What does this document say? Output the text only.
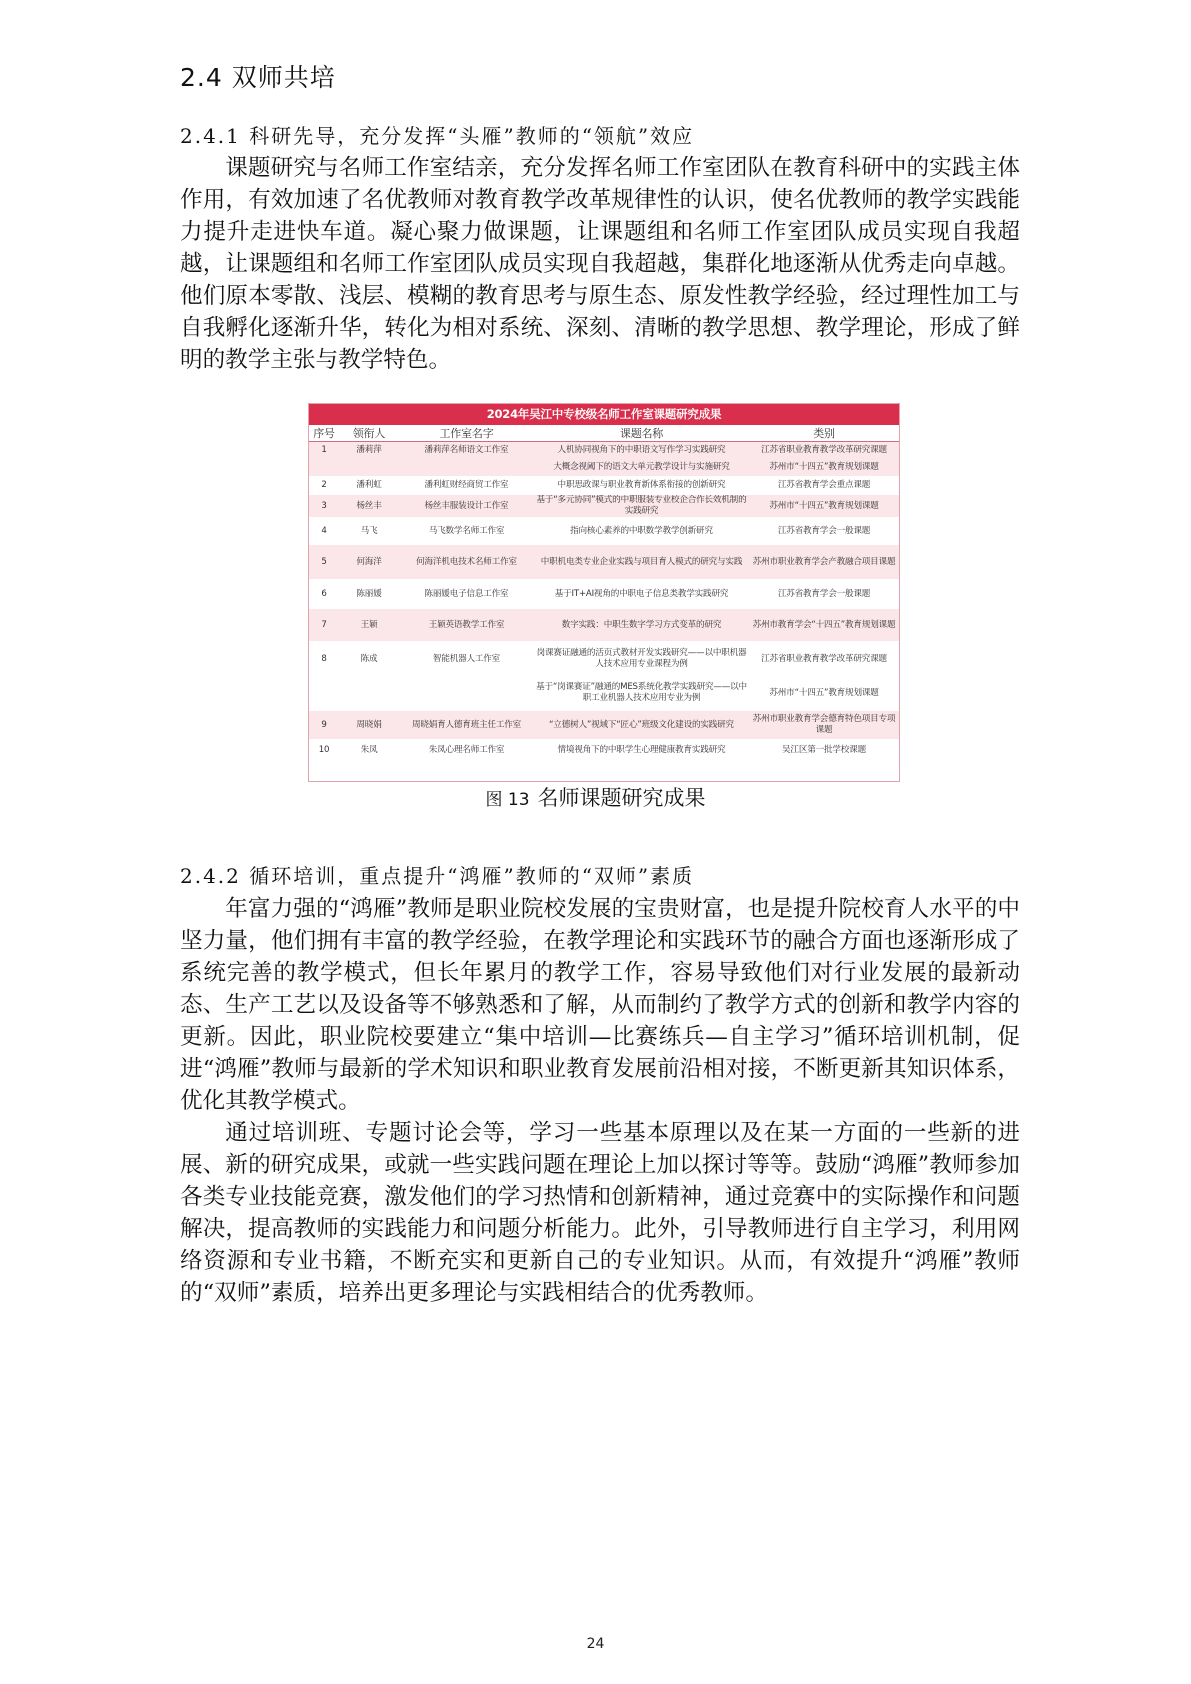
2.4 双师共培
2.4.1 科研先导，充分发挥“头雁”教师的“领航”效应

课题研究与名师工作室结亲，充分发挥名师工作室团队在教育科研中的实践主体作用，有效加速了名优教师对教育教学改革规律性的认识，使名优教师的教学实践能力提升走进快车道。凝心聚力做课题，让课题组和名师工作室团队成员实现自我超越，让课题组和名师工作室团队成员实现自我超越，集群化地逐渐从优秀走向卓越。他们原本零散、浅层、模糊的教育思考与原生态、原发性教学经验，经过理性加工与自我孵化逐渐升华，转化为相对系统、深刻、清晰的教学思想、教学理论，形成了鲜明的教学主张与教学特色。

2024年吴江中专校级名师工作室课题研究成果				
序号	领衔人	工作室名字	课题名称	类别
1	潘莉萍	潘莉萍名师语文工作室	人机协同视角下的中职语文写作学习实践研究	江苏省职业教育教学改革研究课题
			大概念视阈下的语文大单元教学设计与实施研究	苏州市“十四五”教育规划课题
2	潘利虹	潘利虹财经商贸工作室	中职思政课与职业教育新体系衔接的创新研究	江苏省教育学会重点课题
3	杨丝丰	杨丝丰服装设计工作室	基于“多元协同”模式的中职服装专业校企合作长效机制的实践研究	苏州市“十四五”教育规划课题
4	马飞	马飞数学名师工作室	指向核心素养的中职数学教学创新研究	江苏省教育学会一般课题
5	何海洋	何海洋机电技术名师工作室	中职机电类专业企业实践与项目育人模式的研究与实践	苏州市职业教育学会产教融合项目课题
6	陈丽媛	陈丽媛电子信息工作室	基于IT+AI视角的中职电子信息类教学实践研究	江苏省教育学会一般课题
7	王颖	王颖英语教学工作室	数字实践：中职生数字学习方式变革的研究	苏州市教育学会“十四五”教育规划课题
8	陈成	智能机器人工作室	岗课赛证融通的活页式教材开发实践研究——以中职机器人技术应用专业课程为例	江苏省职业教育教学改革研究课题
			基于“岗课赛证”融通的MES系统化教学实践研究——以中职工业机器人技术应用专业为例	苏州市“十四五”教育规划课题
9	周晓娟	周晓娟育人德育班主任工作室	“立德树人”视域下“匠心”班级文化建设的实践研究	苏州市职业教育学会德育特色项目专项课题
10	朱凤	朱凤心理名师工作室	情境视角下的中职学生心理健康教育实践研究	吴江区第一批学校课题
图 13 名师课题研究成果
2.4.2 循环培训，重点提升“鸿雁”教师的“双师”素质

年富力强的“鸿雁”教师是职业院校发展的宝贵财富，也是提升院校育人水平的中坚力量，他们拥有丰富的教学经验，在教学理论和实践环节的融合方面也逐渐形成了系统完善的教学模式，但长年累月的教学工作，容易导致他们对行业发展的最新动态、生产工艺以及设备等不够熟悉和了解，从而制约了教学方式的创新和教学内容的更新。因此，职业院校要建立“集中培训—比赛练兵—自主学习”循环培训机制，促进“鸿雁”教师与最新的学术知识和职业教育发展前沿相对接，不断更新其知识体系，优化其教学模式。

通过培训班、专题讨论会等，学习一些基本原理以及在某一方面的一些新的进展、新的研究成果，或就一些实践问题在理论上加以探讨等等。鼓励“鸿雁”教师参加各类专业技能竞赛，激发他们的学习热情和创新精神，通过竞赛中的实际操作和问题解决，提高教师的实践能力和问题分析能力。此外，引导教师进行自主学习，利用网络资源和专业书籍，不断充实和更新自己的专业知识。从而，有效提升“鸿雁”教师的“双师”素质，培养出更多理论与实践相结合的优秀教师。

24
